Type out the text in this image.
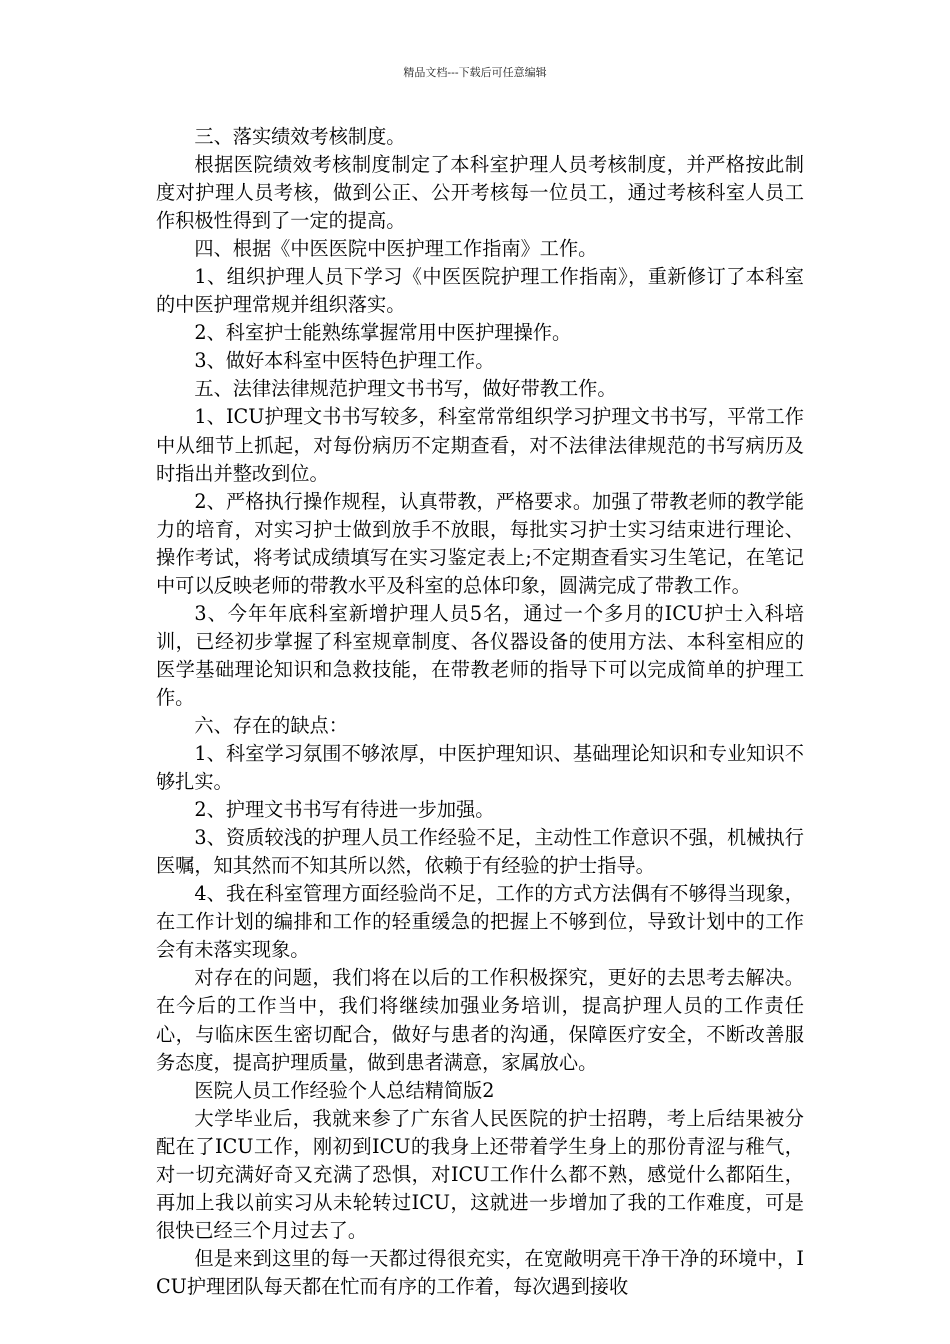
精品文档---下载后可任意编辑

三、落实绩效考核制度。

根据医院绩效考核制度制定了本科室护理人员考核制度，并严格按此制度对护理人员考核，做到公正、公开考核每一位员工，通过考核科室人员工作积极性得到了一定的提高。

四、根据《中医医院中医护理工作指南》工作。

1、组织护理人员下学习《中医医院护理工作指南》，重新修订了本科室的中医护理常规并组织落实。

2、科室护士能熟练掌握常用中医护理操作。

3、做好本科室中医特色护理工作。

五、法律法律规范护理文书书写，做好带教工作。

1、ICU护理文书书写较多，科室常常组织学习护理文书书写，平常工作中从细节上抓起，对每份病历不定期查看，对不法律法律规范的书写病历及时指出并整改到位。

2、严格执行操作规程，认真带教，严格要求。加强了带教老师的教学能力的培育，对实习护士做到放手不放眼，每批实习护士实习结束进行理论、操作考试，将考试成绩填写在实习鉴定表上;不定期查看实习生笔记，在笔记中可以反映老师的带教水平及科室的总体印象，圆满完成了带教工作。

3、今年年底科室新增护理人员5名，通过一个多月的ICU护士入科培训，已经初步掌握了科室规章制度、各仪器设备的使用方法、本科室相应的医学基础理论知识和急救技能，在带教老师的指导下可以完成简单的护理工作。

六、存在的缺点：

1、科室学习氛围不够浓厚，中医护理知识、基础理论知识和专业知识不够扎实。

2、护理文书书写有待进一步加强。

3、资质较浅的护理人员工作经验不足，主动性工作意识不强，机械执行医嘱，知其然而不知其所以然，依赖于有经验的护士指导。

4、我在科室管理方面经验尚不足，工作的方式方法偶有不够得当现象，在工作计划的编排和工作的轻重缓急的把握上不够到位，导致计划中的工作会有未落实现象。

对存在的问题，我们将在以后的工作积极探究，更好的去思考去解决。在今后的工作当中，我们将继续加强业务培训，提高护理人员的工作责任心，与临床医生密切配合，做好与患者的沟通，保障医疗安全，不断改善服务态度，提高护理质量，做到患者满意，家属放心。

医院人员工作经验个人总结精简版2

大学毕业后，我就来参了广东省人民医院的护士招聘，考上后结果被分配在了ICU工作，刚初到ICU的我身上还带着学生身上的那份青涩与稚气，对一切充满好奇又充满了恐惧，对ICU工作什么都不熟，感觉什么都陌生，再加上我以前实习从未轮转过ICU，这就进一步增加了我的工作难度，可是很快已经三个月过去了。

但是来到这里的每一天都过得很充实，在宽敞明亮干净干净的环境中，ICU护理团队每天都在忙而有序的工作着，每次遇到接收
